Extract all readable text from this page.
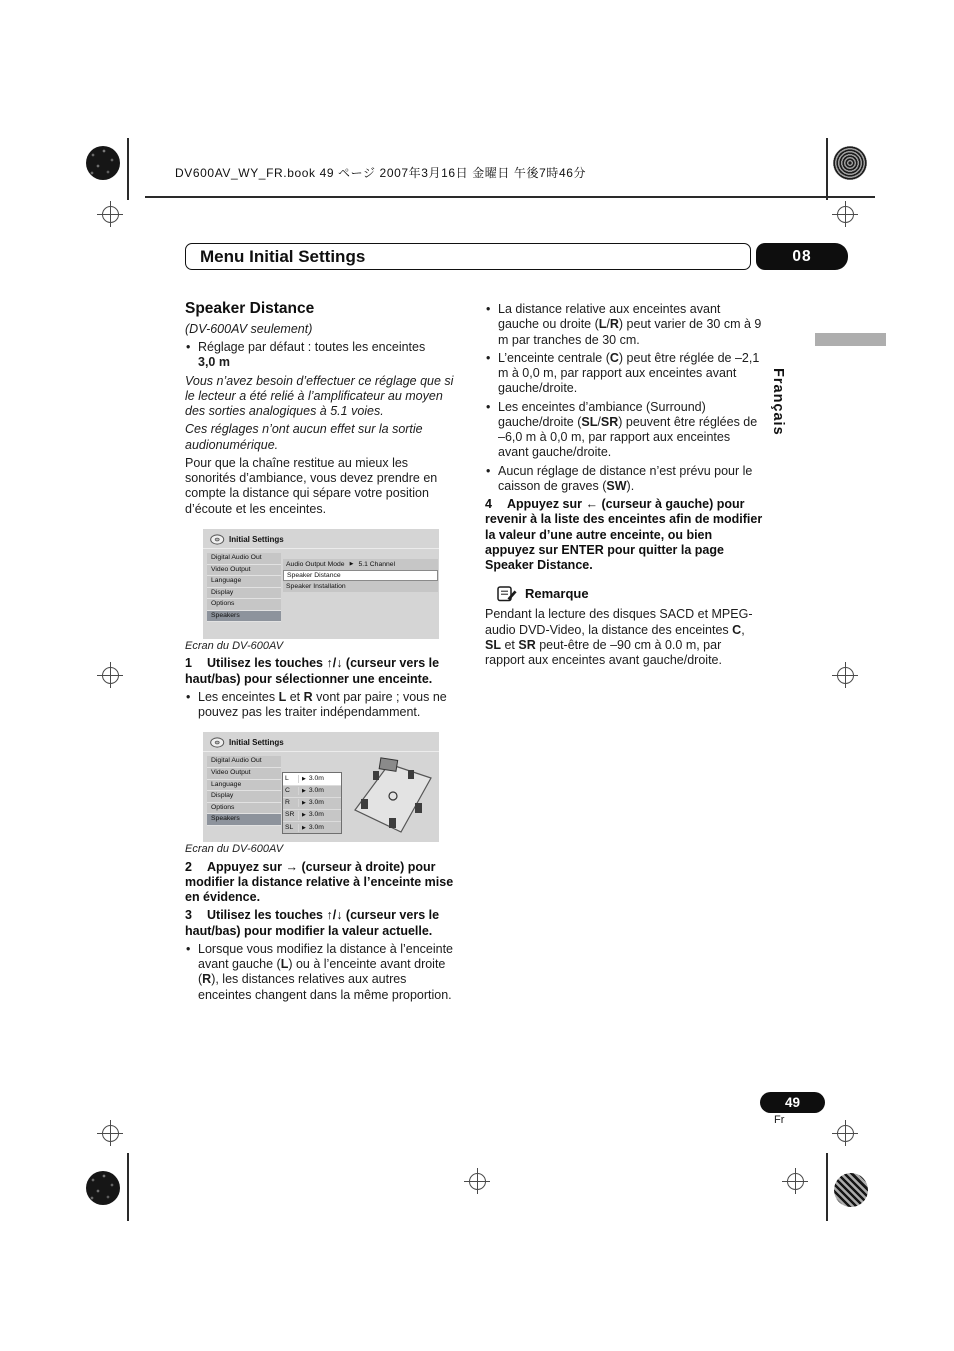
DV600AV_WY_FR.book 49 ページ 2007年3月16日 金曜日 午後7時46分
Menu Initial Settings	08
Français
Speaker Distance

(DV-600AV seulement)

• Réglage par défaut : toutes les enceintes
3,0 m

Vous n’avez besoin d’effectuer ce réglage que si le lecteur a été relié à l’amplificateur au moyen des sorties analogiques à 5.1 voies.

Ces réglages n’ont aucun effet sur la sortie audionumérique.

Pour que la chaîne restitue au mieux les sonorités d’ambiance, vous devez prendre en compte la distance qui sépare votre position d’écoute et les enceintes.

Initial Settings
Digital Audio Out
Video Output
Language
Display
Options
Speakers
Audio Output Mode ▶ 5.1 Channel
Speaker Distance
Speaker Installation

Ecran du DV-600AV

1 Utilisez les touches ↑/↓ (curseur vers le haut/bas) pour sélectionner une enceinte.

• Les enceintes L et R vont par paire ; vous ne pouvez pas les traiter indépendamment.

Initial Settings
Digital Audio Out
Video Output
Language
Display
Options
Speakers
L	▶ 3.0m
C	▶ 3.0m
R	▶ 3.0m
SR	▶ 3.0m
SL	▶ 3.0m

Ecran du DV-600AV

2 Appuyez sur → (curseur à droite) pour modifier la distance relative à l’enceinte mise en évidence.

3 Utilisez les touches ↑/↓ (curseur vers le haut/bas) pour modifier la valeur actuelle.

• Lorsque vous modifiez la distance à l’enceinte avant gauche (L) ou à l’enceinte avant droite (R), les distances relatives aux autres enceintes changent dans la même proportion.

• La distance relative aux enceintes avant gauche ou droite (L/R) peut varier de 30 cm à 9 m par tranches de 30 cm.

• L’enceinte centrale (C) peut être réglée de –2,1 m à 0,0 m, par rapport aux enceintes avant gauche/droite.

• Les enceintes d’ambiance (Surround) gauche/droite (SL/SR) peuvent être réglées de –6,0 m à 0,0 m, par rapport aux enceintes avant gauche/droite.

• Aucun réglage de distance n’est prévu pour le caisson de graves (SW).

4 Appuyez sur ← (curseur à gauche) pour revenir à la liste des enceintes afin de modifier la valeur d’une autre enceinte, ou bien appuyez sur ENTER pour quitter la page Speaker Distance.

Remarque

Pendant la lecture des disques SACD et MPEG-audio DVD-Video, la distance des enceintes C, SL et SR peut-être de –90 cm à 0.0 m, par rapport aux enceintes avant gauche/droite.

49
Fr
